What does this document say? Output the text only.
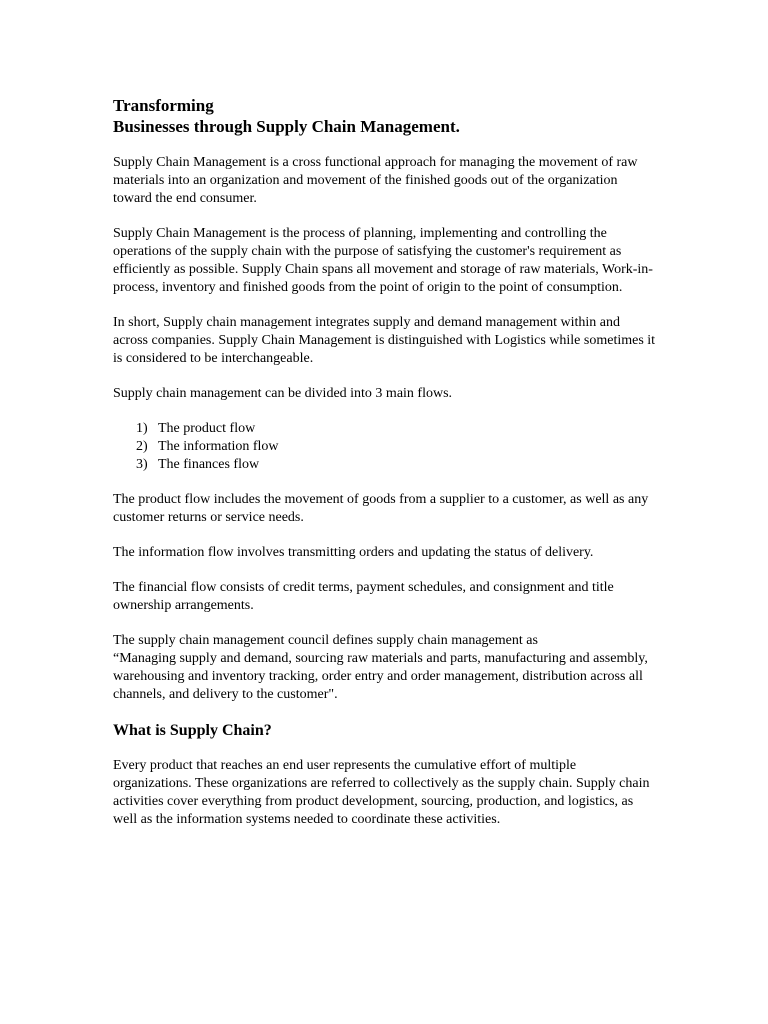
Transforming
Businesses through Supply Chain Management.

Supply Chain Management is a cross functional approach for managing the movement of raw materials into an organization and movement of the finished goods out of the organization toward the end consumer.

Supply Chain Management is the process of planning, implementing and controlling the operations of the supply chain with the purpose of satisfying the customer's requirement as efficiently as possible. Supply Chain spans all movement and storage of raw materials, Work-in-process, inventory and finished goods from the point of origin to the point of consumption.

In short, Supply chain management integrates supply and demand management within and across companies. Supply Chain Management is distinguished with Logistics while sometimes it is considered to be interchangeable.

Supply chain management can be divided into 3 main flows.

1) The product flow
2) The information flow
3) The finances flow

The product flow includes the movement of goods from a supplier to a customer, as well as any customer returns or service needs.

The information flow involves transmitting orders and updating the status of delivery.

The financial flow consists of credit terms, payment schedules, and consignment and title ownership arrangements.

The supply chain management council defines supply chain management as
“Managing supply and demand, sourcing raw materials and parts, manufacturing and assembly, warehousing and inventory tracking, order entry and order management, distribution across all channels, and delivery to the customer".

What is Supply Chain?

Every product that reaches an end user represents the cumulative effort of multiple organizations. These organizations are referred to collectively as the supply chain. Supply chain activities cover everything from product development, sourcing, production, and logistics, as well as the information systems needed to coordinate these activities.
